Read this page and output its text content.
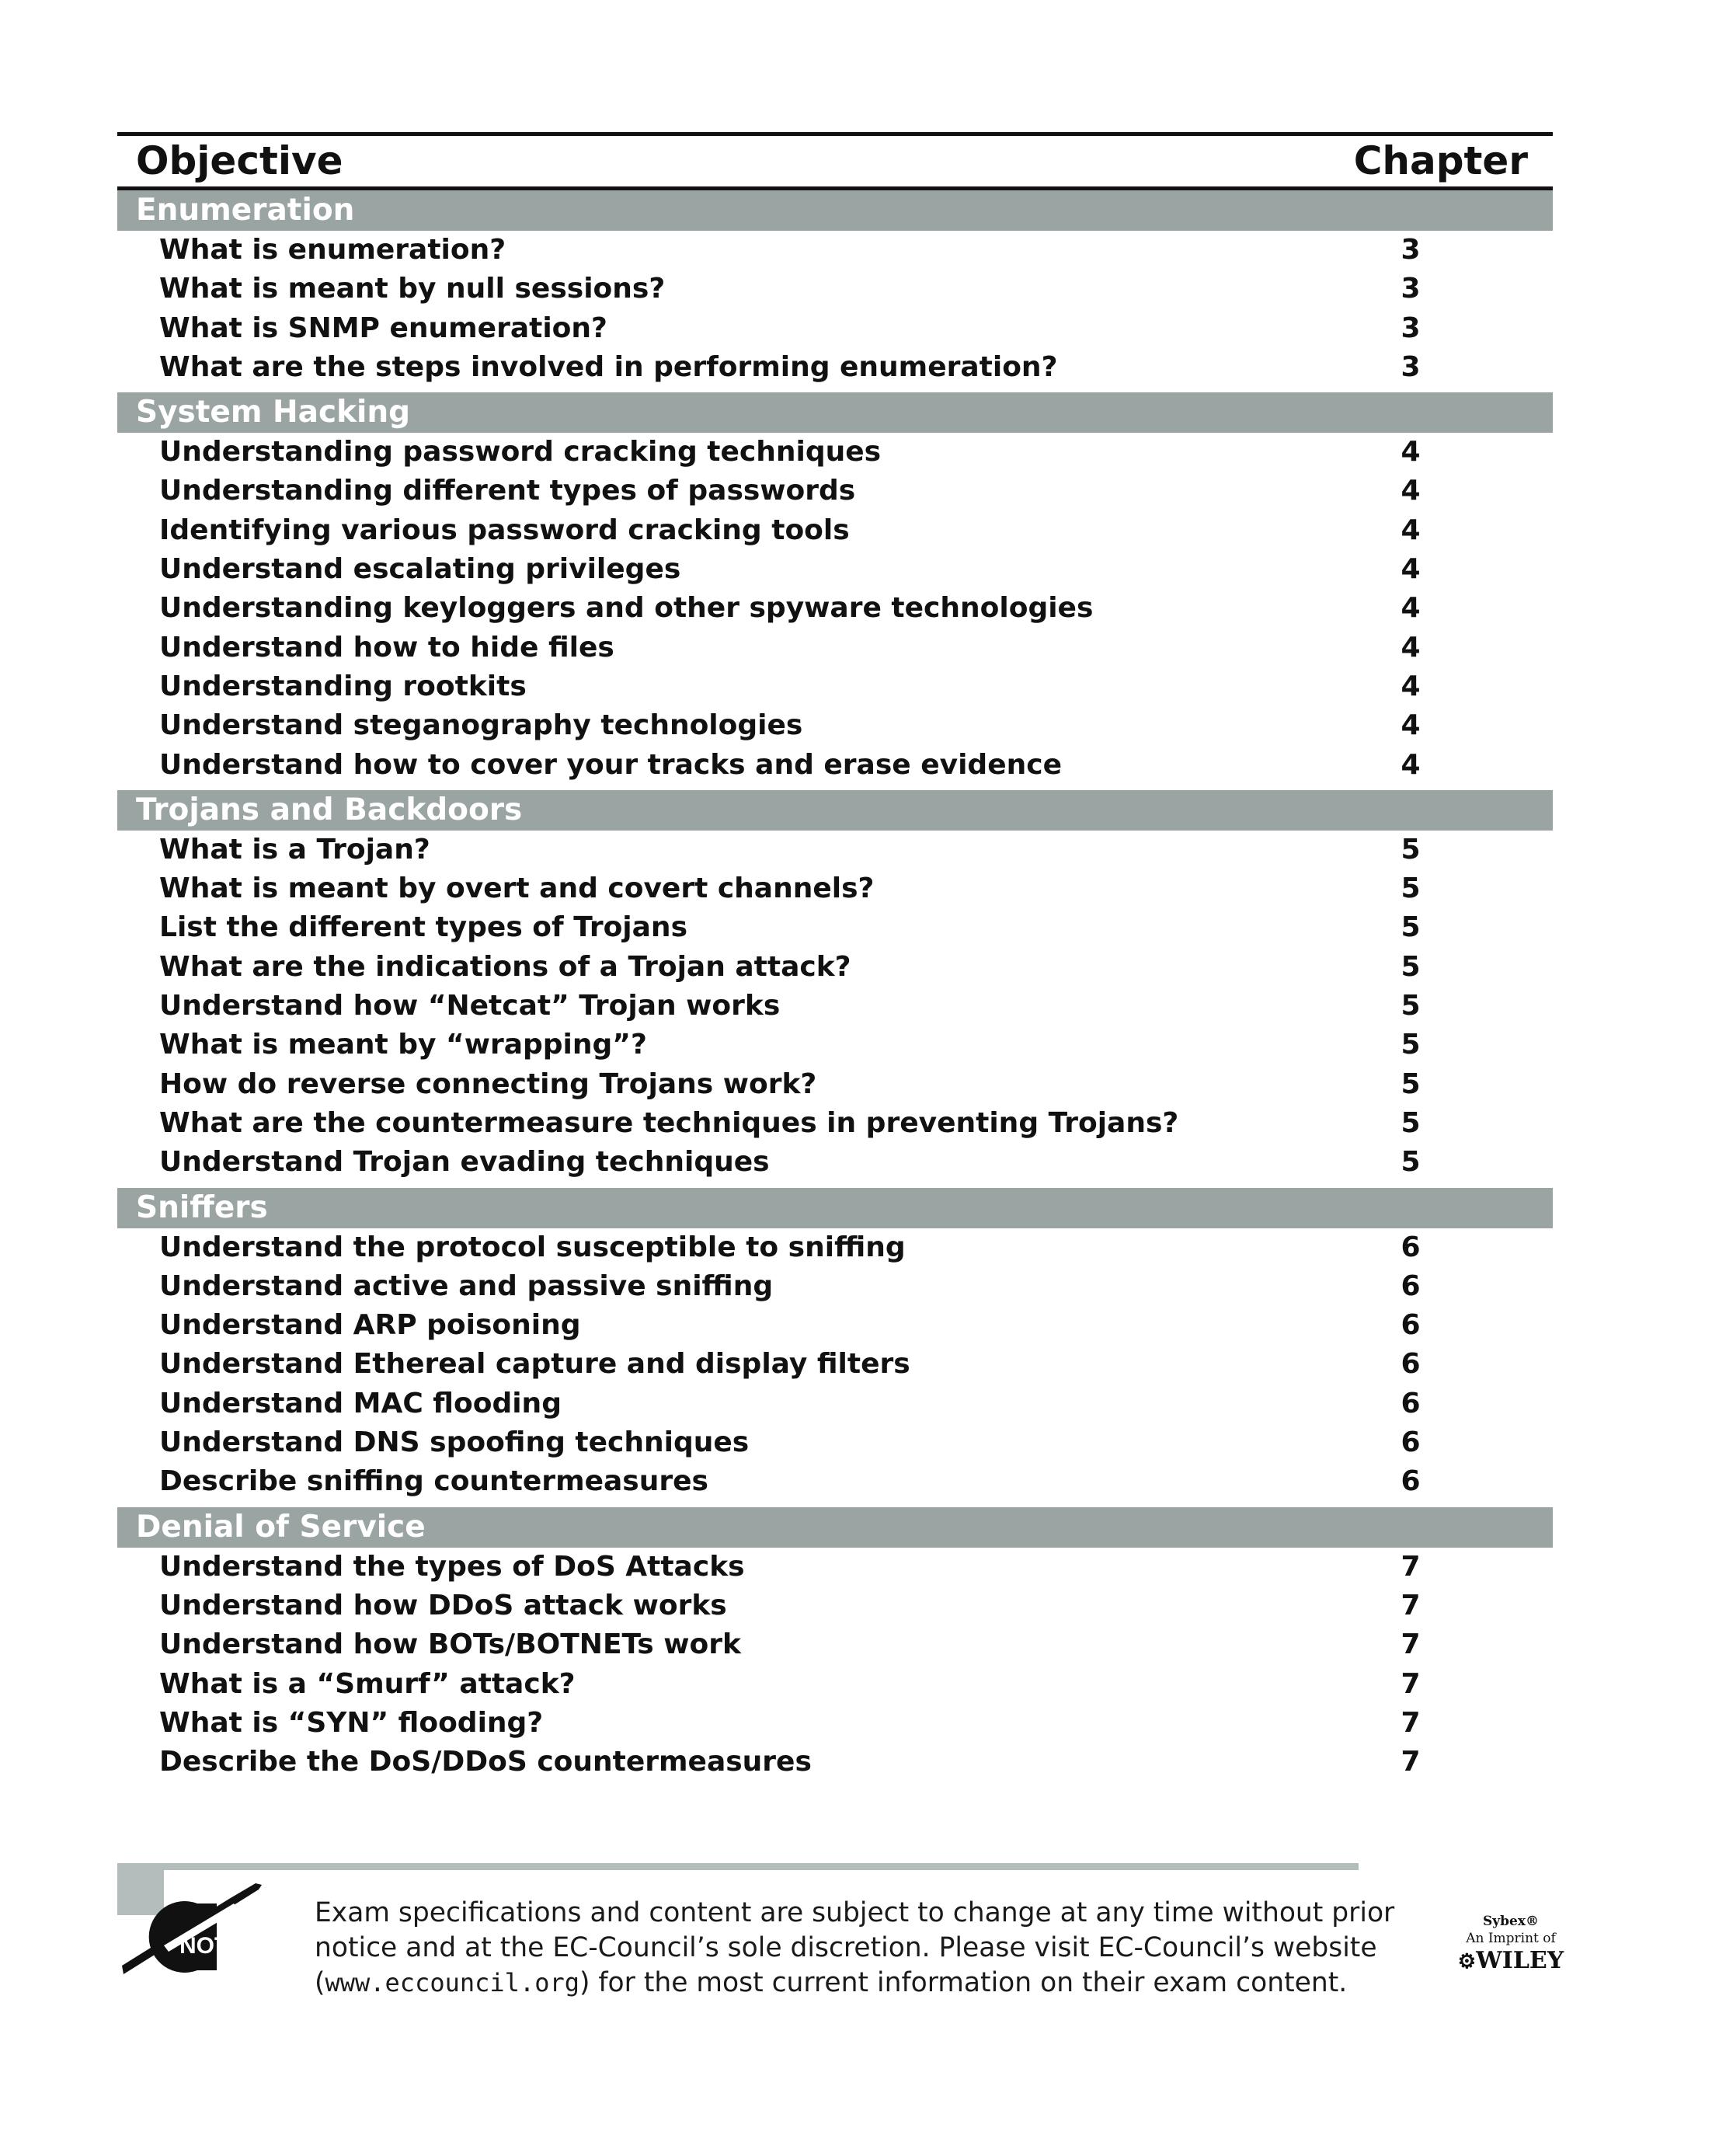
Objective	Chapter
Enumeration
What is enumeration?	3
What is meant by null sessions?	3
What is SNMP enumeration?	3
What are the steps involved in performing enumeration?	3
System Hacking
Understanding password cracking techniques	4
Understanding different types of passwords	4
Identifying various password cracking tools	4
Understand escalating privileges	4
Understanding keyloggers and other spyware technologies	4
Understand how to hide files	4
Understanding rootkits	4
Understand steganography technologies	4
Understand how to cover your tracks and erase evidence	4
Trojans and Backdoors
What is a Trojan?	5
What is meant by overt and covert channels?	5
List the different types of Trojans	5
What are the indications of a Trojan attack?	5
Understand how “Netcat” Trojan works	5
What is meant by “wrapping”?	5
How do reverse connecting Trojans work?	5
What are the countermeasure techniques in preventing Trojans?	5
Understand Trojan evading techniques	5
Sniffers
Understand the protocol susceptible to sniffing	6
Understand active and passive sniffing	6
Understand ARP poisoning	6
Understand Ethereal capture and display filters	6
Understand MAC flooding	6
Understand DNS spoofing techniques	6
Describe sniffing countermeasures	6
Denial of Service
Understand the types of DoS Attacks	7
Understand how DDoS attack works	7
Understand how BOTs/BOTNETs work	7
What is a “Smurf” attack?	7
What is “SYN” flooding?	7
Describe the DoS/DDoS countermeasures	7
NOTE
Exam specifications and content are subject to change at any time without prior
notice and at the EC-Council’s sole discretion. Please visit EC-Council’s website
(www.eccouncil.org) for the most current information on their exam content.
Sybex®
An Imprint of
⚙WILEY
